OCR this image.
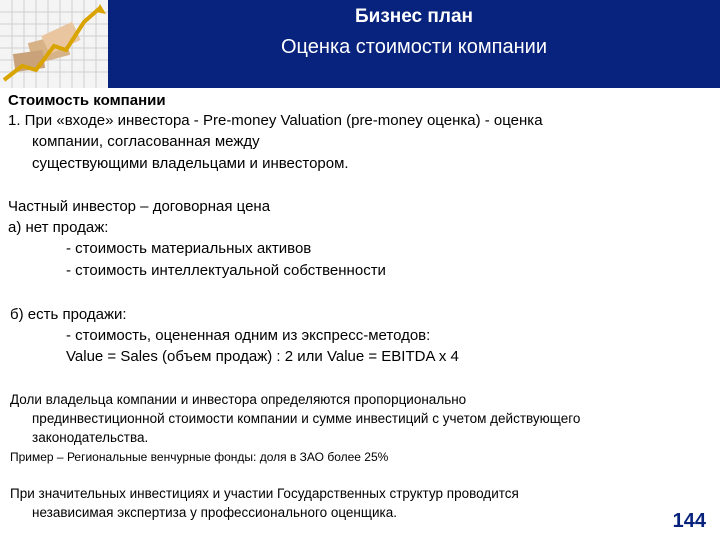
Бизнес план
Оценка стоимости компании
Стоимость компании
1. При «входе» инвестора - Pre-money Valuation (pre-money оценка) - оценка
компании, согласованная между
существующими владельцами и инвестором.
Частный инвестор – договорная цена
а) нет продаж:
- стоимость материальных активов
- стоимость интеллектуальной собственности
б) есть продажи:
- стоимость, оцененная одним из экспресс-методов:
Value = Sales (объем продаж) : 2 или Value = EBITDA x 4
Доли владельца компании и инвестора определяются пропорционально
прединвестиционной стоимости компании и сумме инвестиций с учетом действующего
законодательства.
Пример – Региональные венчурные фонды: доля в ЗАО более 25%
При значительных инвестициях и участии Государственных структур проводится
независимая экспертиза у профессионального оценщика.	144
